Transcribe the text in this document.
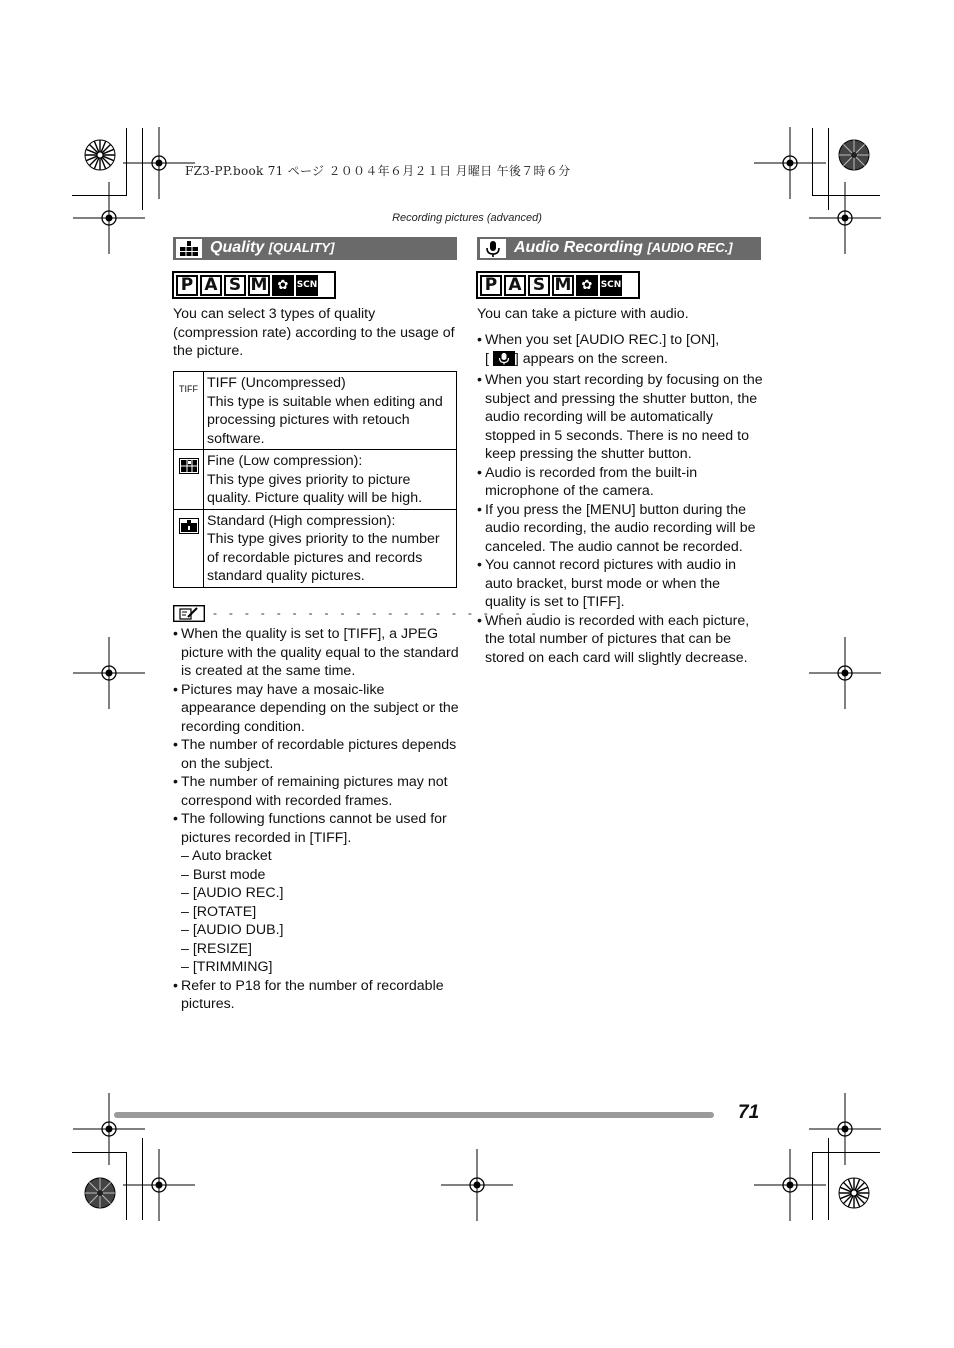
FZ3-PP.book 71 ページ ２００４年６月２１日 月曜日 午後７時６分
Recording pictures (advanced)
Quality [QUALITY]
P A S M ✿ SCN
You can select 3 types of quality (compression rate) according to the usage of the picture.
TIFF	TIFF (Uncompressed)
This type is suitable when editing and processing pictures with retouch software.

Fine (Low compression):
This type gives priority to picture quality. Picture quality will be high.

Standard (High compression):
This type gives priority to the number of recordable pictures and records standard quality pictures.
- - - - - - - - - - - - - - - - - - - - -
• When the quality is set to [TIFF], a JPEG picture with the quality equal to the standard is created at the same time.
• Pictures may have a mosaic-like appearance depending on the subject or the recording condition.
• The number of recordable pictures depends on the subject.
• The number of remaining pictures may not correspond with recorded frames.
• The following functions cannot be used for pictures recorded in [TIFF].
– Auto bracket
– Burst mode
– [AUDIO REC.]
– [ROTATE]
– [AUDIO DUB.]
– [RESIZE]
– [TRIMMING]
• Refer to P18 for the number of recordable pictures.
Audio Recording [AUDIO REC.]
P A S M ✿ SCN
You can take a picture with audio.
• When you set [AUDIO REC.] to [ON],
[ ] appears on the screen.
• When you start recording by focusing on the subject and pressing the shutter button, the audio recording will be automatically stopped in 5 seconds. There is no need to keep pressing the shutter button.
• Audio is recorded from the built-in microphone of the camera.
• If you press the [MENU] button during the audio recording, the audio recording will be canceled. The audio cannot be recorded.
• You cannot record pictures with audio in auto bracket, burst mode or when the quality is set to [TIFF].
• When audio is recorded with each picture, the total number of pictures that can be stored on each card will slightly decrease.
71
